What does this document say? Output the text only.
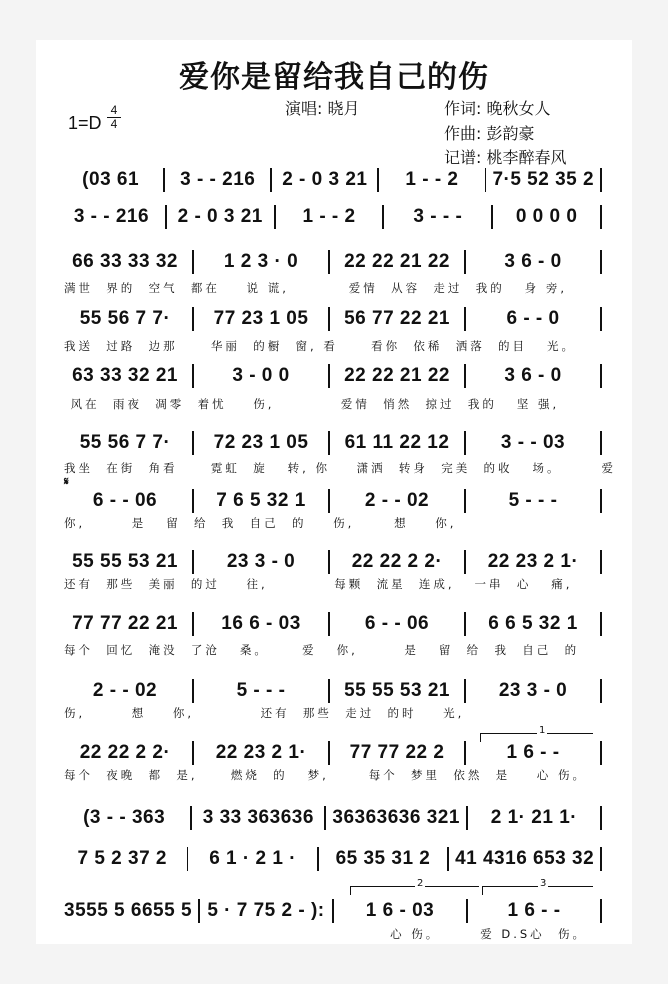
爱你是留给我自己的伤
演唱: 晓月	作词: 晚秋女人
作曲: 彭韵豪
记谱: 桃李醉春风
1=D
4
4
(03 61	3 - - 216	2 - 0 3 21	1 - - 2	7·5 52 35 2
3 - - 216	2 - 0 3 21	1 - - 2	3 - - -	0 0 0 0
66 33 33 32	1 2 3 · 0	22 22 21 22	3 6 - 0
55 56 7 7·	77 23 1 05	56 77 22 21	6 - - 0
63 33 32 21	3 - 0 0	22 22 21 22	3 6 - 0
55 56 7 7·	72 23 1 05	61 11 22 12	3 - - 03
6 - - 06	7 6 5 32 1	2 - - 02	5 - - -
55 55 53 21	23 3 - 0	22 22 2 2·	22 23 2 1·
77 77 22 21	16 6 - 03	6 - - 06	6 6 5 32 1
2 - - 02	5 - - -	55 55 53 21	23 3 - 0
22 22 2 2·	22 23 2 1·	77 77 22 2	1 6 - -
(3 - - 363	3 33 363636 36363636 321	2 1· 21 1·
7 5 2 37 2	6 1 · 2 1 ·	65 35 31 2	41 4316 653 32
3555 5 6655 5 5 · 7 75 2 - ):	1 6 - 03	1 6 - -
满世  界的  空气  都在    说 谎,         爱情  从容  走过  我的   身 旁,
我送  过路  边那     华丽  的橱  窗, 看     看你  依稀  洒落  的目   光。
风在  雨夜  凋零  着忧    伤,          爱情  悄然  掠过  我的   坚 强,
我坐  在街  角看     霓虹  旋   转, 你    潇洒  转身  完美  的收   场。      爱
你,       是   留  给  我  自己  的    伤,      想    你,
还有  那些  美丽  的过    往,          每颗  流星  连成,   一串  心   痛,
每个  回忆  淹没  了沧   桑。     爱   你,       是   留  给  我  自己  的
伤,       想    你,          还有  那些  走过  的时    光,
每个  夜晚  都  是,     燃烧  的   梦,      每个  梦里  依然  是    心 伤。
心 伤。      爱 D.S心  伤。
𝄋
1
2	3
